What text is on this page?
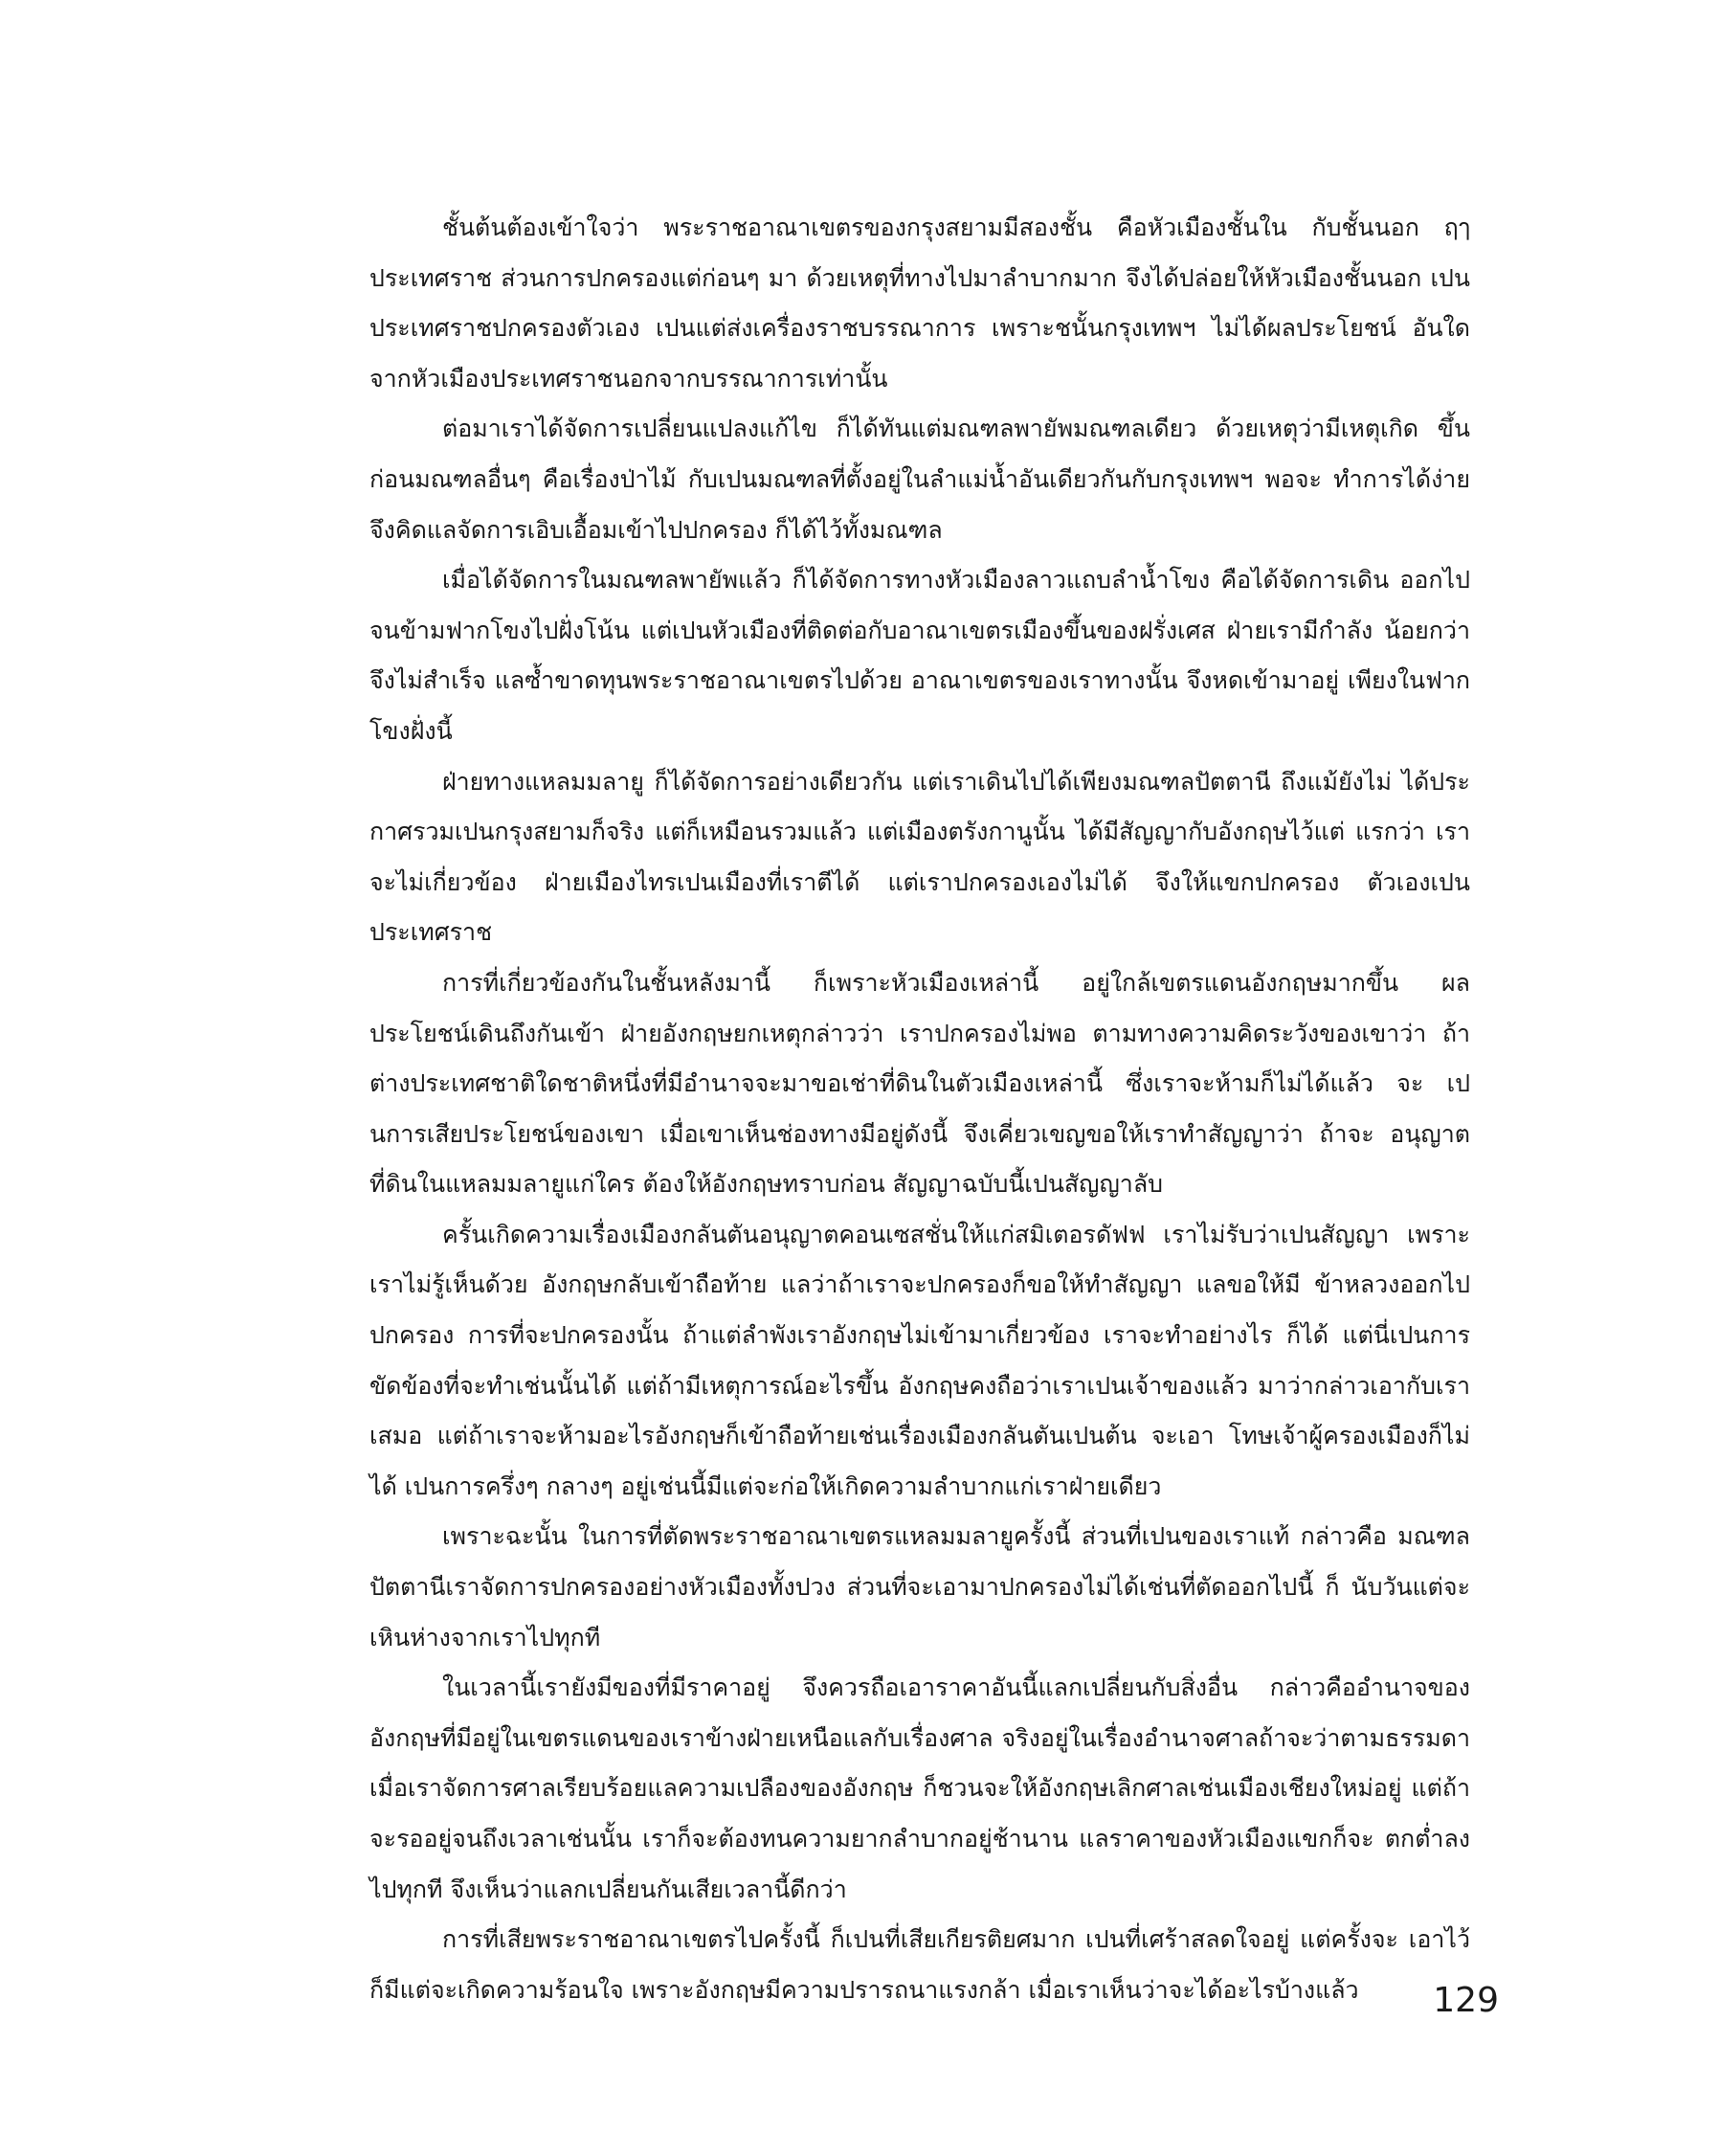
ชั้นต้นต้องเข้าใจว่า พระราชอาณาเขตรของกรุงสยามมีสองชั้น คือหัวเมืองชั้นใน กับชั้นนอก ฤๅ ประเทศราช ส่วนการปกครองแต่ก่อนๆ มา ด้วยเหตุที่ทางไปมาลำบากมาก จึงได้ปล่อยให้หัวเมืองชั้นนอก เปนประเทศราชปกครองตัวเอง เปนแต่ส่งเครื่องราชบรรณาการ เพราะชนั้นกรุงเทพฯ ไม่ได้ผลประโยชน์ อันใดจากหัวเมืองประเทศราชนอกจากบรรณาการเท่านั้น

ต่อมาเราได้จัดการเปลี่ยนแปลงแก้ไข ก็ได้ทันแต่มณฑลพายัพมณฑลเดียว ด้วยเหตุว่ามีเหตุเกิด ขึ้นก่อนมณฑลอื่นๆ คือเรื่องป่าไม้ กับเปนมณฑลที่ตั้งอยู่ในลำแม่น้ำอันเดียวกันกับกรุงเทพฯ พอจะ ทำการได้ง่าย จึงคิดแลจัดการเอิบเอื้อมเข้าไปปกครอง ก็ได้ไว้ทั้งมณฑล

เมื่อได้จัดการในมณฑลพายัพแล้ว ก็ได้จัดการทางหัวเมืองลาวแถบลำน้ำโขง คือได้จัดการเดิน ออกไปจนข้ามฟากโขงไปฝั่งโน้น แต่เปนหัวเมืองที่ติดต่อกับอาณาเขตรเมืองขึ้นของฝรั่งเศส ฝ่ายเรามีกำลัง น้อยกว่า จึงไม่สำเร็จ แลซ้ำขาดทุนพระราชอาณาเขตรไปด้วย อาณาเขตรของเราทางนั้น จึงหดเข้ามาอยู่ เพียงในฟากโขงฝั่งนี้

ฝ่ายทางแหลมมลายู ก็ได้จัดการอย่างเดียวกัน แต่เราเดินไปได้เพียงมณฑลปัตตานี ถึงแม้ยังไม่ ได้ประกาศรวมเปนกรุงสยามก็จริง แต่ก็เหมือนรวมแล้ว แต่เมืองตรังกานูนั้น ได้มีสัญญากับอังกฤษไว้แต่ แรกว่า เราจะไม่เกี่ยวข้อง ฝ่ายเมืองไทรเปนเมืองที่เราตีได้ แต่เราปกครองเองไม่ได้ จึงให้แขกปกครอง ตัวเองเปนประเทศราช

การที่เกี่ยวข้องกันในชั้นหลังมานี้ ก็เพราะหัวเมืองเหล่านี้ อยู่ใกล้เขตรแดนอังกฤษมากขึ้น ผล ประโยชน์เดินถึงกันเข้า ฝ่ายอังกฤษยกเหตุกล่าวว่า เราปกครองไม่พอ ตามทางความคิดระวังของเขาว่า ถ้าต่างประเทศชาติใดชาติหนึ่งที่มีอำนาจจะมาขอเช่าที่ดินในตัวเมืองเหล่านี้ ซึ่งเราจะห้ามก็ไม่ได้แล้ว จะ เปนการเสียประโยชน์ของเขา เมื่อเขาเห็นช่องทางมีอยู่ดังนี้ จึงเคี่ยวเขญขอให้เราทำสัญญาว่า ถ้าจะ อนุญาตที่ดินในแหลมมลายูแก่ใคร ต้องให้อังกฤษทราบก่อน สัญญาฉบับนี้เปนสัญญาลับ

ครั้นเกิดความเรื่องเมืองกลันตันอนุญาตคอนเซสชั่นให้แก่สมิเตอรดัฟฟ เราไม่รับว่าเปนสัญญา เพราะเราไม่รู้เห็นด้วย อังกฤษกลับเข้าถือท้าย แลว่าถ้าเราจะปกครองก็ขอให้ทำสัญญา แลขอให้มี ข้าหลวงออกไปปกครอง การที่จะปกครองนั้น ถ้าแต่ลำพังเราอังกฤษไม่เข้ามาเกี่ยวข้อง เราจะทำอย่างไร ก็ได้ แต่นี่เปนการขัดข้องที่จะทำเช่นนั้นได้ แต่ถ้ามีเหตุการณ์อะไรขึ้น อังกฤษคงถือว่าเราเปนเจ้าของแล้ว มาว่ากล่าวเอากับเราเสมอ แต่ถ้าเราจะห้ามอะไรอังกฤษก็เข้าถือท้ายเช่นเรื่องเมืองกลันตันเปนต้น จะเอา โทษเจ้าผู้ครองเมืองก็ไม่ได้ เปนการครึ่งๆ กลางๆ อยู่เช่นนี้มีแต่จะก่อให้เกิดความลำบากแก่เราฝ่ายเดียว

เพราะฉะนั้น ในการที่ตัดพระราชอาณาเขตรแหลมมลายูครั้งนี้ ส่วนที่เปนของเราแท้ กล่าวคือ มณฑลปัตตานีเราจัดการปกครองอย่างหัวเมืองทั้งปวง ส่วนที่จะเอามาปกครองไม่ได้เช่นที่ตัดออกไปนี้ ก็ นับวันแต่จะเหินห่างจากเราไปทุกที

ในเวลานี้เรายังมีของที่มีราคาอยู่ จึงควรถือเอาราคาอันนี้แลกเปลี่ยนกับสิ่งอื่น กล่าวคืออำนาจของ อังกฤษที่มีอยู่ในเขตรแดนของเราข้างฝ่ายเหนือแลกับเรื่องศาล จริงอยู่ในเรื่องอำนาจศาลถ้าจะว่าตามธรรมดา เมื่อเราจัดการศาลเรียบร้อยแลความเปลืองของอังกฤษ ก็ชวนจะให้อังกฤษเลิกศาลเช่นเมืองเชียงใหม่อยู่ แต่ถ้าจะรออยู่จนถึงเวลาเช่นนั้น เราก็จะต้องทนความยากลำบากอยู่ช้านาน แลราคาของหัวเมืองแขกก็จะ ตกต่ำลงไปทุกที จึงเห็นว่าแลกเปลี่ยนกันเสียเวลานี้ดีกว่า

การที่เสียพระราชอาณาเขตรไปครั้งนี้ ก็เปนที่เสียเกียรติยศมาก เปนที่เศร้าสลดใจอยู่ แต่ครั้งจะ เอาไว้ก็มีแต่จะเกิดความร้อนใจ เพราะอังกฤษมีความปรารถนาแรงกล้า เมื่อเราเห็นว่าจะได้อะไรบ้างแล้ว	129
